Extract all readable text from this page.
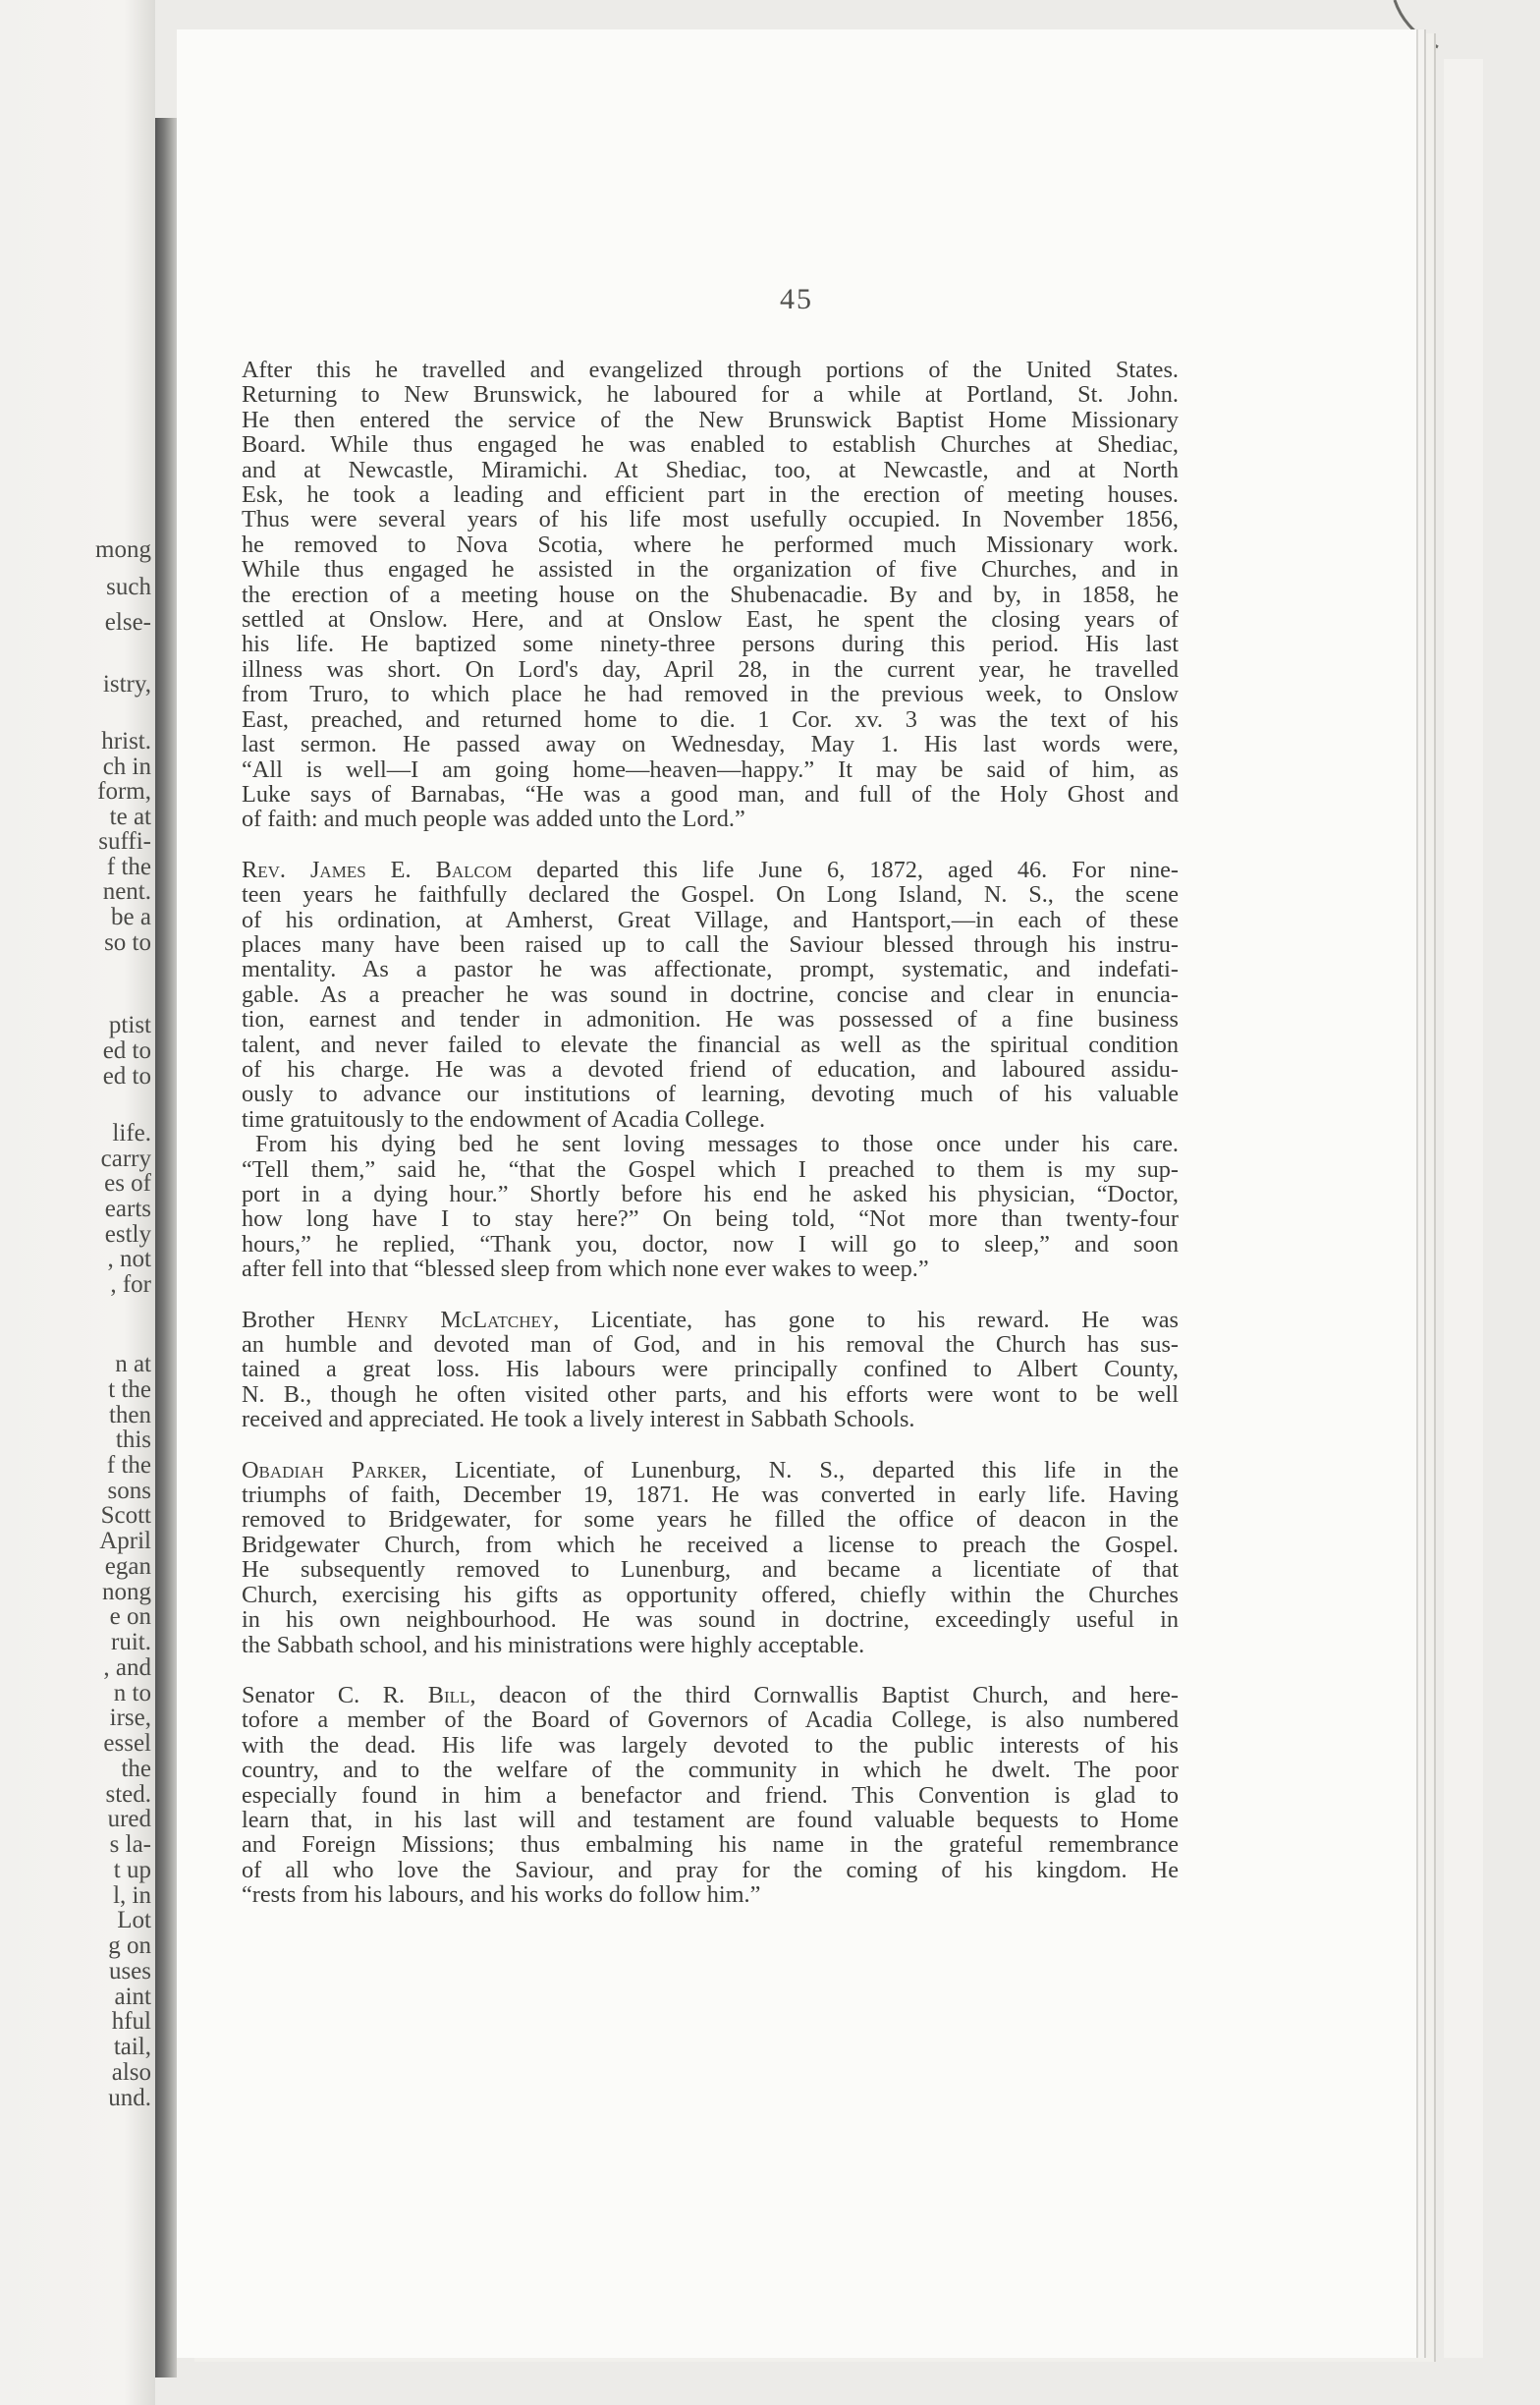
mong
such
else-
istry,
hrist.
ch in
form,
te at
suffi-
f the
nent.
be a
so to
ptist
ed to
ed to
life.
carry
es of
earts
estly
, not
, for
n at
t the
then
this
f the
sons
Scott
April
egan
nong
e on
ruit.
, and
n to
irse,
essel
the
sted.
ured
s la-
t up
l, in
Lot
g on
uses
aint
hful
tail,
also
und.
45
After this he travelled and evangelized through portions of the United States.
Returning to New Brunswick, he laboured for a while at Portland, St. John.
He then entered the service of the New Brunswick Baptist Home Missionary
Board. While thus engaged he was enabled to establish Churches at Shediac,
and at Newcastle, Miramichi. At Shediac, too, at Newcastle, and at North
Esk, he took a leading and efficient part in the erection of meeting houses.
Thus were several years of his life most usefully occupied. In November 1856,
he removed to Nova Scotia, where he performed much Missionary work.
While thus engaged he assisted in the organization of five Churches, and in
the erection of a meeting house on the Shubenacadie. By and by, in 1858, he
settled at Onslow. Here, and at Onslow East, he spent the closing years of
his life. He baptized some ninety-three persons during this period. His last
illness was short. On Lord's day, April 28, in the current year, he travelled
from Truro, to which place he had removed in the previous week, to Onslow
East, preached, and returned home to die. 1 Cor. xv. 3 was the text of his
last sermon. He passed away on Wednesday, May 1. His last words were,
“All is well—I am going home—heaven—happy.” It may be said of him, as
Luke says of Barnabas, “He was a good man, and full of the Holy Ghost and
of faith: and much people was added unto the Lord.”
Rev. James E. Balcom departed this life June 6, 1872, aged 46. For nine-
teen years he faithfully declared the Gospel. On Long Island, N. S., the scene
of his ordination, at Amherst, Great Village, and Hantsport,—in each of these
places many have been raised up to call the Saviour blessed through his instru-
mentality. As a pastor he was affectionate, prompt, systematic, and indefati-
gable. As a preacher he was sound in doctrine, concise and clear in enuncia-
tion, earnest and tender in admonition. He was possessed of a fine business
talent, and never failed to elevate the financial as well as the spiritual condition
of his charge. He was a devoted friend of education, and laboured assidu-
ously to advance our institutions of learning, devoting much of his valuable
time gratuitously to the endowment of Acadia College.
From his dying bed he sent loving messages to those once under his care.
“Tell them,” said he, “that the Gospel which I preached to them is my sup-
port in a dying hour.” Shortly before his end he asked his physician, “Doctor,
how long have I to stay here?” On being told, “Not more than twenty-four
hours,” he replied, “Thank you, doctor, now I will go to sleep,” and soon
after fell into that “blessed sleep from which none ever wakes to weep.”
Brother Henry McLatchey, Licentiate, has gone to his reward. He was
an humble and devoted man of God, and in his removal the Church has sus-
tained a great loss. His labours were principally confined to Albert County,
N. B., though he often visited other parts, and his efforts were wont to be well
received and appreciated. He took a lively interest in Sabbath Schools.
Obadiah Parker, Licentiate, of Lunenburg, N. S., departed this life in the
triumphs of faith, December 19, 1871. He was converted in early life. Having
removed to Bridgewater, for some years he filled the office of deacon in the
Bridgewater Church, from which he received a license to preach the Gospel.
He subsequently removed to Lunenburg, and became a licentiate of that
Church, exercising his gifts as opportunity offered, chiefly within the Churches
in his own neighbourhood. He was sound in doctrine, exceedingly useful in
the Sabbath school, and his ministrations were highly acceptable.
Senator C. R. Bill, deacon of the third Cornwallis Baptist Church, and here-
tofore a member of the Board of Governors of Acadia College, is also numbered
with the dead. His life was largely devoted to the public interests of his
country, and to the welfare of the community in which he dwelt. The poor
especially found in him a benefactor and friend. This Convention is glad to
learn that, in his last will and testament are found valuable bequests to Home
and Foreign Missions; thus embalming his name in the grateful remembrance
of all who love the Saviour, and pray for the coming of his kingdom. He
“rests from his labours, and his works do follow him.”
